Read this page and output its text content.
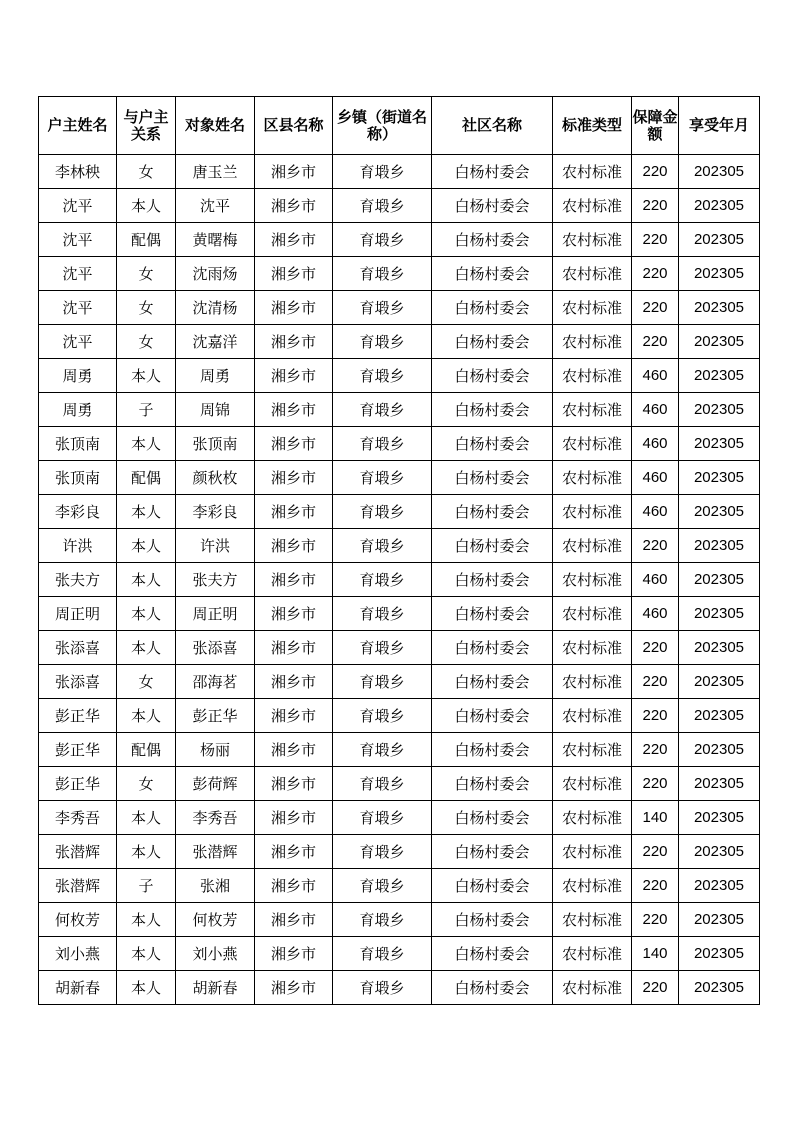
户主姓名	与户主关系	对象姓名	区县名称	乡镇（街道名称）	社区名称	标准类型	保障金额	享受年月
李林秧	女	唐玉兰	湘乡市	育塅乡	白杨村委会	农村标准	220	202305
沈平	本人	沈平	湘乡市	育塅乡	白杨村委会	农村标准	220	202305
沈平	配偶	黄曙梅	湘乡市	育塅乡	白杨村委会	农村标准	220	202305
沈平	女	沈雨炀	湘乡市	育塅乡	白杨村委会	农村标准	220	202305
沈平	女	沈清杨	湘乡市	育塅乡	白杨村委会	农村标准	220	202305
沈平	女	沈嘉洋	湘乡市	育塅乡	白杨村委会	农村标准	220	202305
周勇	本人	周勇	湘乡市	育塅乡	白杨村委会	农村标准	460	202305
周勇	子	周锦	湘乡市	育塅乡	白杨村委会	农村标准	460	202305
张顶南	本人	张顶南	湘乡市	育塅乡	白杨村委会	农村标准	460	202305
张顶南	配偶	颜秋枚	湘乡市	育塅乡	白杨村委会	农村标准	460	202305
李彩良	本人	李彩良	湘乡市	育塅乡	白杨村委会	农村标准	460	202305
许洪	本人	许洪	湘乡市	育塅乡	白杨村委会	农村标准	220	202305
张夫方	本人	张夫方	湘乡市	育塅乡	白杨村委会	农村标准	460	202305
周正明	本人	周正明	湘乡市	育塅乡	白杨村委会	农村标准	460	202305
张添喜	本人	张添喜	湘乡市	育塅乡	白杨村委会	农村标准	220	202305
张添喜	女	邵海茗	湘乡市	育塅乡	白杨村委会	农村标准	220	202305
彭正华	本人	彭正华	湘乡市	育塅乡	白杨村委会	农村标准	220	202305
彭正华	配偶	杨丽	湘乡市	育塅乡	白杨村委会	农村标准	220	202305
彭正华	女	彭荷辉	湘乡市	育塅乡	白杨村委会	农村标准	220	202305
李秀吾	本人	李秀吾	湘乡市	育塅乡	白杨村委会	农村标准	140	202305
张潜辉	本人	张潜辉	湘乡市	育塅乡	白杨村委会	农村标准	220	202305
张潜辉	子	张湘	湘乡市	育塅乡	白杨村委会	农村标准	220	202305
何枚芳	本人	何枚芳	湘乡市	育塅乡	白杨村委会	农村标准	220	202305
刘小燕	本人	刘小燕	湘乡市	育塅乡	白杨村委会	农村标准	140	202305
胡新春	本人	胡新春	湘乡市	育塅乡	白杨村委会	农村标准	220	202305
